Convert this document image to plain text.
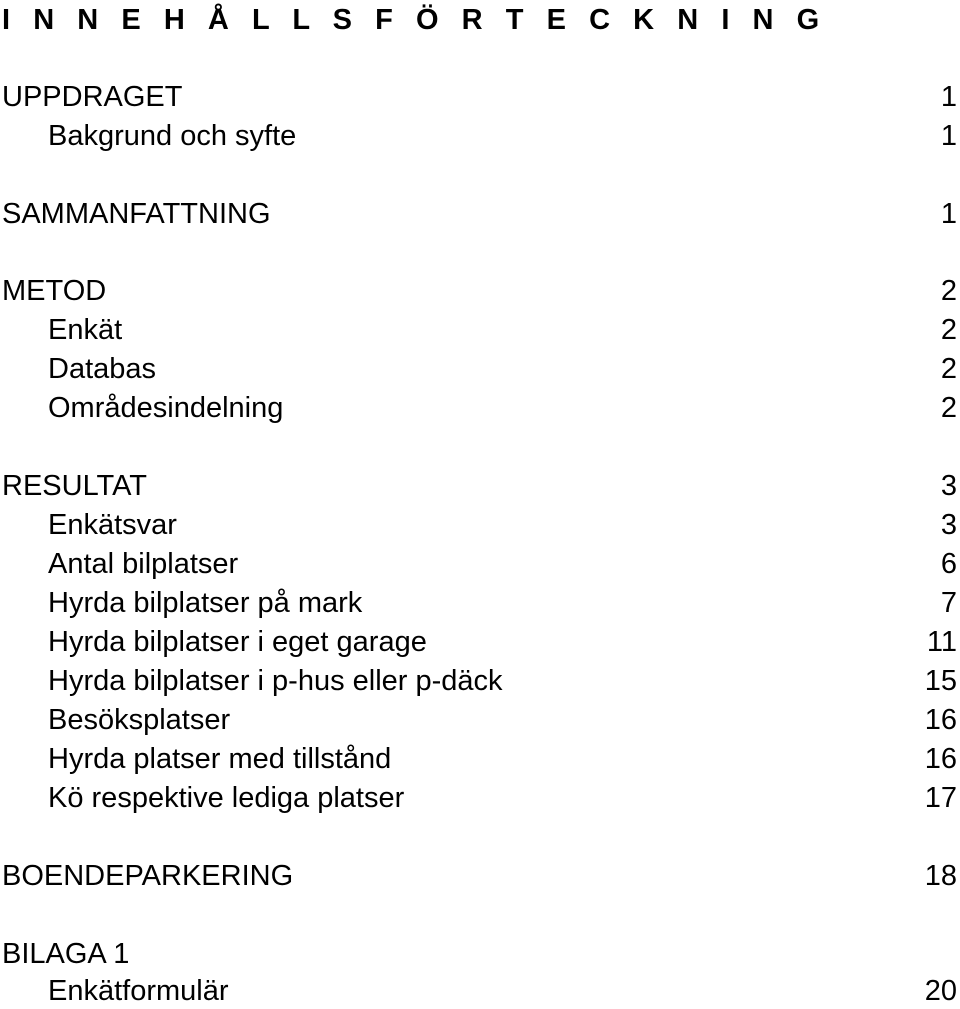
I N N E H Å L L S F Ö R T E C K N I N G
UPPDRAGET	1
Bakgrund och syfte	1
SAMMANFATTNING	1
METOD	2
Enkät	2
Databas	2
Områdesindelning	2
RESULTAT	3
Enkätsvar	3
Antal bilplatser	6
Hyrda bilplatser på mark	7
Hyrda bilplatser i eget garage	11
Hyrda bilplatser i p-hus eller p-däck	15
Besöksplatser	16
Hyrda platser med tillstånd	16
Kö respektive lediga platser	17
BOENDEPARKERING	18
BILAGA 1
Enkätformulär	20
